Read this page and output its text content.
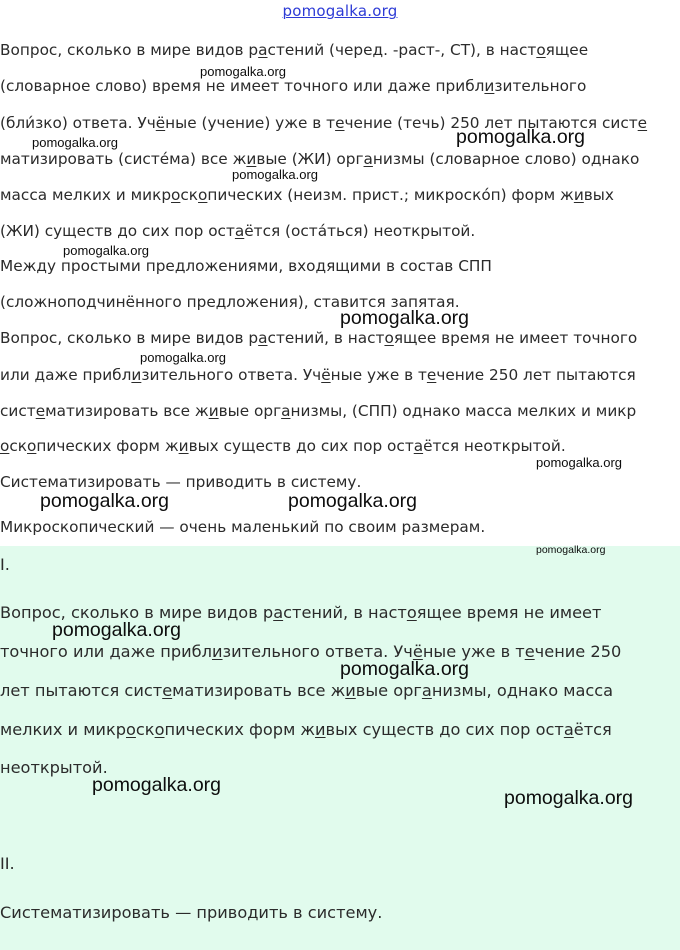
pomogalka.org
Вопрос, сколько в мире видов растений (черед. -раст-, СТ), в настоящее
(словарное слово) время не имеет точного или даже приблизительного
(бли́зко) ответа. Учёные (учение) уже в течение (течь) 250 лет пытаются систе
матизировать (систе́ма) все живые (ЖИ) организмы (словарное слово) однако
масса мелких и микроскопических (неизм. прист.; микроско́п) форм живых
(ЖИ) существ до сих пор остаётся (оста́ться) неоткрытой.
Между простыми предложениями, входящими в состав СПП
(сложноподчинённого предложения), ставится запятая.
Вопрос, сколько в мире видов растений, в настоящее время не имеет точного
или даже приблизительного ответа. Учёные уже в течение 250 лет пытаются
систематизировать все живые организмы, (СПП) однако масса мелких и микр
оскопических форм живых существ до сих пор остаётся неоткрытой.
Систематизировать — приводить в систему.
Микроскопический — очень маленький по своим размерам.
I.
Вопрос, сколько в мире видов растений, в настоящее время не имеет
точного или даже приблизительного ответа. Учёные уже в течение 250
лет пытаются систематизировать все живые организмы, однако масса
мелких и микроскопических форм живых существ до сих пор остаётся
неоткрытой.
II.
Систематизировать — приводить в систему.
pomogalka.org
pomogalka.org	pomogalka.org
pomogalka.org
pomogalka.org
pomogalka.org
pomogalka.org
pomogalka.org
pomogalka.org	pomogalka.org
pomogalka.org
pomogalka.org
pomogalka.org
pomogalka.org
pomogalka.org
